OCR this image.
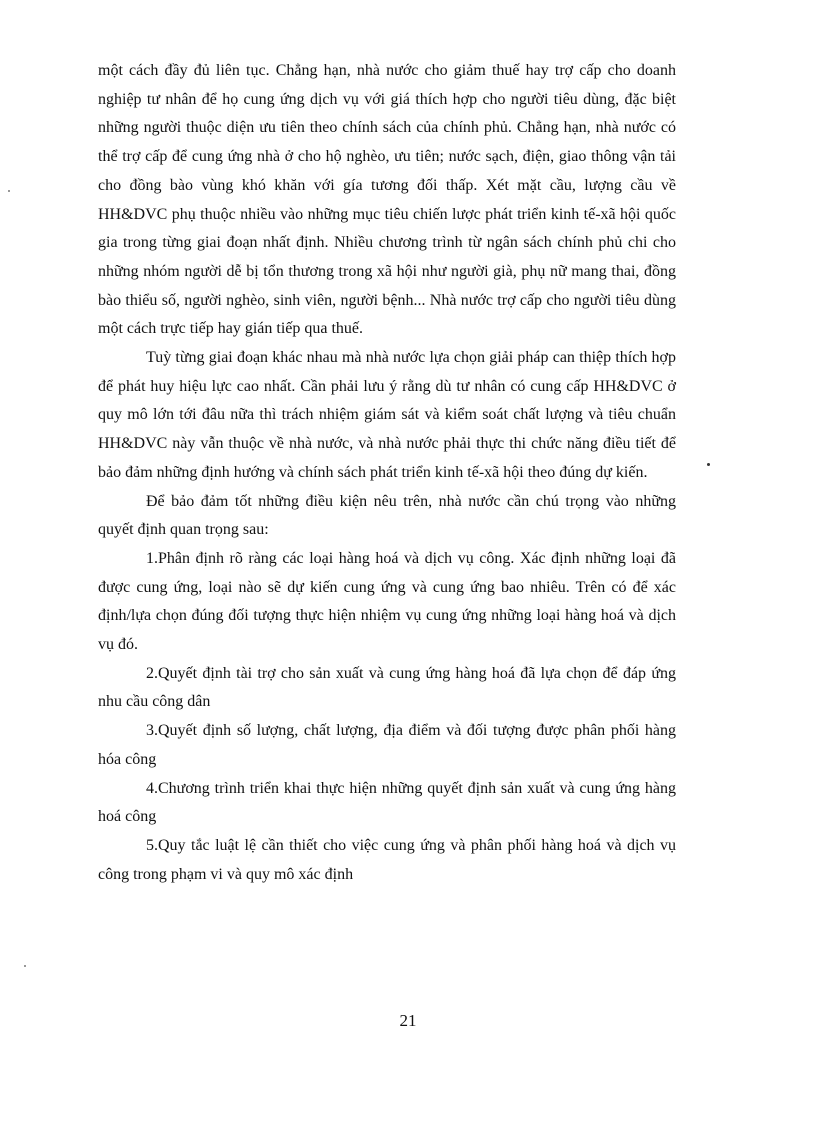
một cách đầy đủ liên tục. Chẳng hạn, nhà nước cho giảm thuế hay trợ cấp cho doanh nghiệp tư nhân để họ cung ứng dịch vụ với giá thích hợp cho người tiêu dùng, đặc biệt những người thuộc diện ưu tiên theo chính sách của chính phủ. Chẳng hạn, nhà nước có thể trợ cấp để cung ứng nhà ở cho hộ nghèo, ưu tiên; nước sạch, điện, giao thông vận tải cho đồng bào vùng khó khăn với gía tương đối thấp. Xét mặt cầu, lượng cầu về HH&DVC phụ thuộc nhiều vào những mục tiêu chiến lược phát triển kinh tế-xã hội quốc gia trong từng giai đoạn nhất định. Nhiều chương trình từ ngân sách chính phủ chi cho những nhóm người dễ bị tổn thương trong xã hội như người già, phụ nữ mang thai, đồng bào thiểu số, người nghèo, sinh viên, người bệnh... Nhà nước trợ cấp cho người tiêu dùng một cách trực tiếp hay gián tiếp qua thuế.

Tuỳ từng giai đoạn khác nhau mà nhà nước lựa chọn giải pháp can thiệp thích hợp để phát huy hiệu lực cao nhất. Cần phải lưu ý rằng dù tư nhân có cung cấp HH&DVC ở quy mô lớn tới đâu nữa thì trách nhiệm giám sát và kiểm soát chất lượng và tiêu chuẩn HH&DVC này vẫn thuộc về nhà nước, và nhà nước phải thực thi chức năng điều tiết để bảo đảm những định hướng và chính sách phát triển kinh tế-xã hội theo đúng dự kiến.

Để bảo đảm tốt những điều kiện nêu trên, nhà nước cần chú trọng vào những quyết định quan trọng sau:

1.Phân định rõ ràng các loại hàng hoá và dịch vụ công. Xác định những loại đã được cung ứng, loại nào sẽ dự kiến cung ứng và cung ứng bao nhiêu. Trên có để xác định/lựa chọn đúng đối tượng thực hiện nhiệm vụ cung ứng những loại hàng hoá và dịch vụ đó.

2.Quyết định tài trợ cho sản xuất và cung ứng hàng hoá đã lựa chọn để đáp ứng nhu cầu công dân

3.Quyết định số lượng, chất lượng, địa điểm và đối tượng được phân phối hàng hóa công

4.Chương trình triển khai thực hiện những quyết định sản xuất và cung ứng hàng hoá công

5.Quy tắc luật lệ cần thiết cho việc cung ứng và phân phối hàng hoá và dịch vụ công trong phạm vi và quy mô xác định

21
